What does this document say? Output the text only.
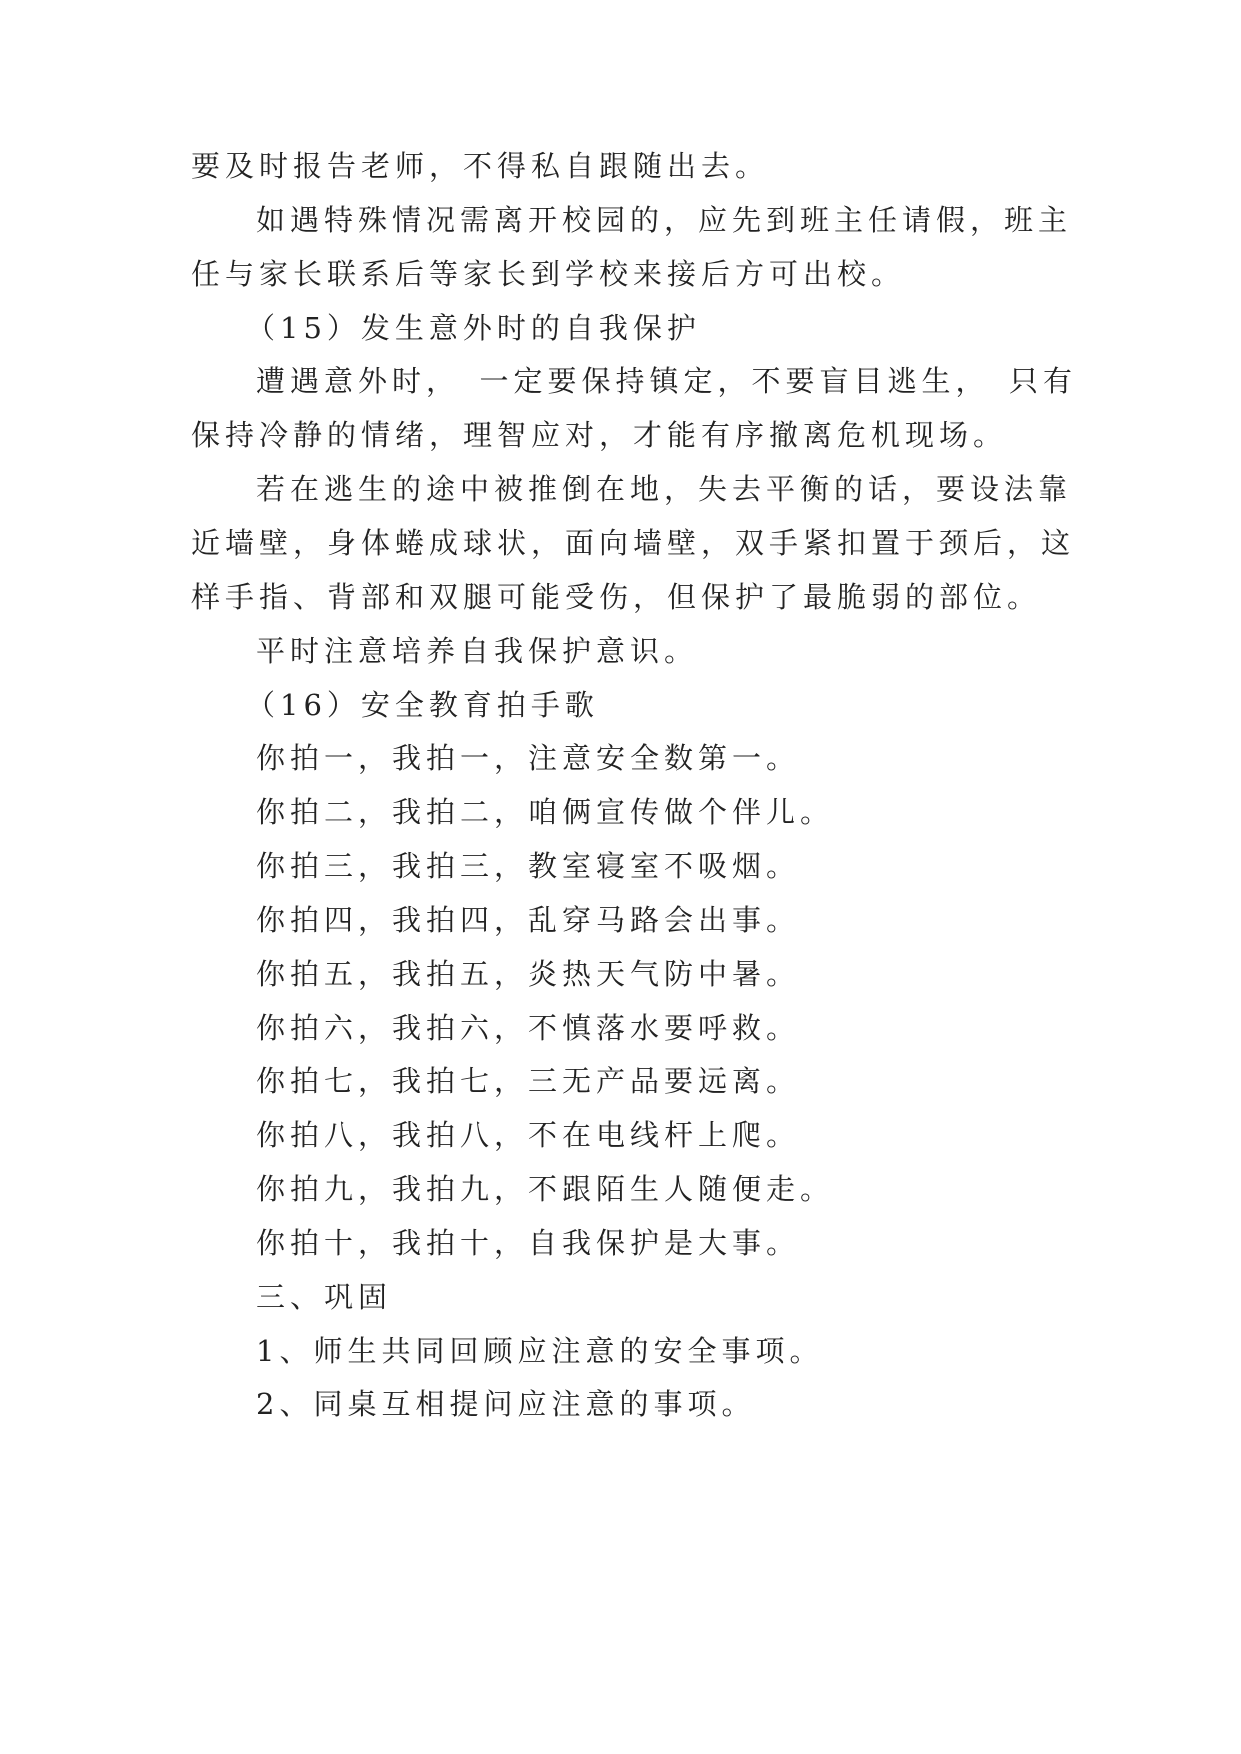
要及时报告老师，不得私自跟随出去。
如遇特殊情况需离开校园的，应先到班主任请假，班主
任与家长联系后等家长到学校来接后方可出校。
（15）发生意外时的自我保护
遭遇意外时，　一定要保持镇定，不要盲目逃生，　只有
保持冷静的情绪，理智应对，才能有序撤离危机现场。
若在逃生的途中被推倒在地，失去平衡的话，要设法靠
近墙壁，身体蜷成球状，面向墙壁，双手紧扣置于颈后，这
样手指、背部和双腿可能受伤，但保护了最脆弱的部位。
平时注意培养自我保护意识。
（16）安全教育拍手歌
你拍一，我拍一，注意安全数第一。
你拍二，我拍二，咱俩宣传做个伴儿。
你拍三，我拍三，教室寝室不吸烟。
你拍四，我拍四，乱穿马路会出事。
你拍五，我拍五，炎热天气防中暑。
你拍六，我拍六，不慎落水要呼救。
你拍七，我拍七，三无产品要远离。
你拍八，我拍八，不在电线杆上爬。
你拍九，我拍九，不跟陌生人随便走。
你拍十，我拍十，自我保护是大事。
三、巩固
1、师生共同回顾应注意的安全事项。
2、同桌互相提问应注意的事项。
